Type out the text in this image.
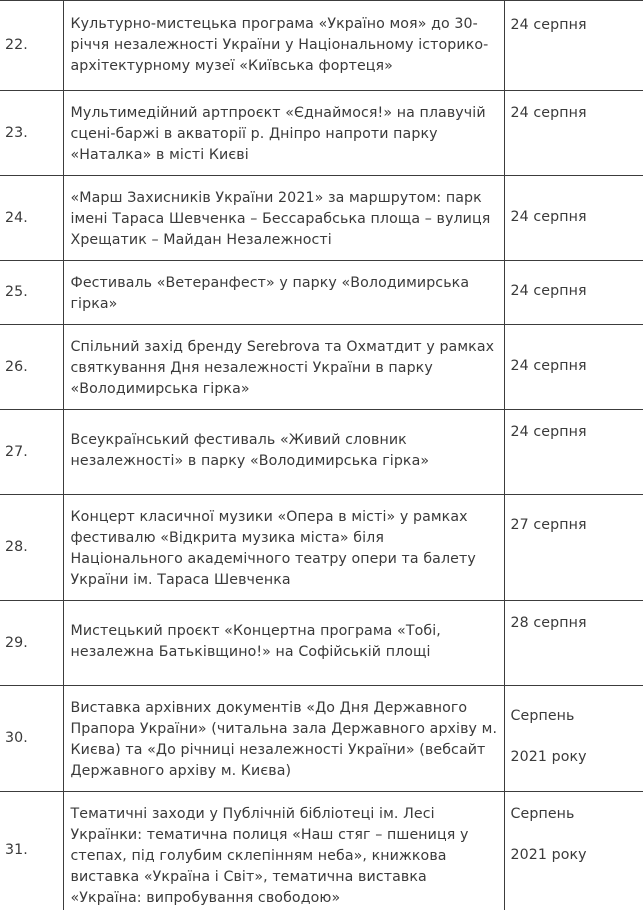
22.	Культурно-мистецька програма «Україно моя» до 30-річчя незалежності України у Національному історико-архітектурному музеї «Київська фортеця»	24 серпня

23.	Мультимедійний артпроєкт «Єднаймося!» на плавучій сцені-баржі в акваторії р. Дніпро напроти парку «Наталка» в місті Києві	24 серпня

24.	«Марш Захисників України 2021» за маршрутом: парк імені Тараса Шевченка – Бессарабська площа – вулиця Хрещатик – Майдан Незалежності	24 серпня

25.	Фестиваль «Ветеранфест» у парку «Володимирська гірка»	24 серпня

26.	Спільний захід бренду Serebrova та Охматдит у рамках святкування Дня незалежності України в парку «Володимирська гірка»	24 серпня

27.	Всеукраїнський фестиваль «Живий словник незалежності» в парку «Володимирська гірка»	24 серпня

28.	Концерт класичної музики «Опера в місті» у рамках фестивалю «Відкрита музика міста» біля Національного академічного театру опери та балету України ім. Тараса Шевченка	27 серпня

29.	Мистецький проєкт «Концертна програма «Тобі, незалежна Батьківщино!» на Софійській площі	28 серпня

30.	Виставка архівних документів «До Дня Державного Прапора України» (читальна зала Державного архіву м. Києва) та «До річниці незалежності України» (вебсайт Державного архіву м. Києва)	Серпень
2021 року

31.	Тематичні заходи у Публічній бібліотеці ім. Лесі Українки: тематична полиця «Наш стяг – пшениця у степах, під голубим склепінням неба», книжкова виставка «Україна і Світ», тематична виставка «Україна: випробування свободою»	Серпень
2021 року
